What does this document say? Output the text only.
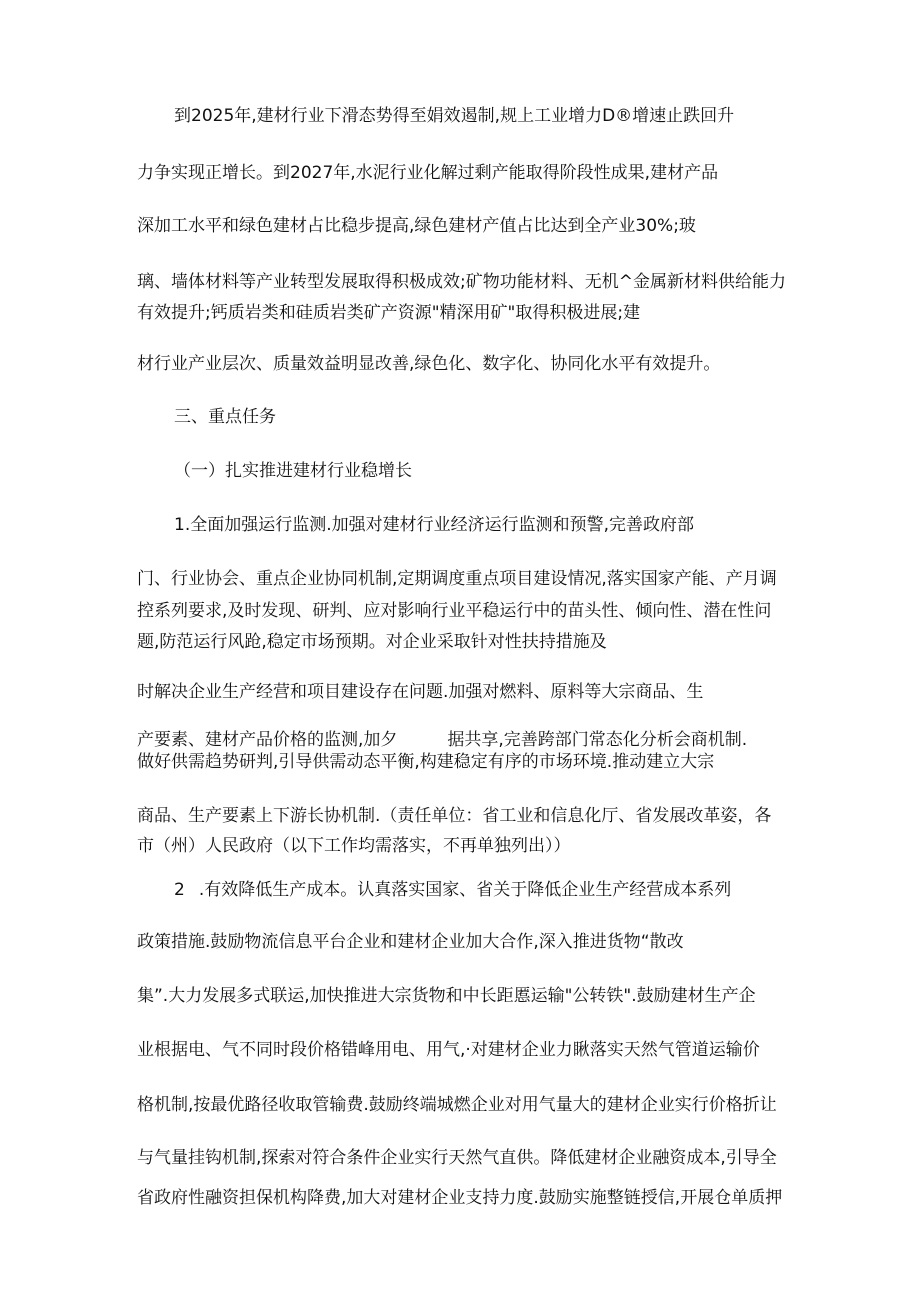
到2025年,建材行业下滑态势得至娟效遏制,规上工业增力D®增速止跌回升
力争实现正增长。到2027年,水泥行业化解过剩产能取得阶段性成果,建材产品
深加工水平和绿色建材占比稳步提高,绿色建材产值占比达到全产业30%;玻
璃、墙体材料等产业转型发展取得积极成效;矿物功能材料、无机^金属新材料供给能力
有效提升;钙质岩类和硅质岩类矿产资源"精深用矿"取得积极进展;建
材行业产业层次、质量效益明显改善,绿色化、数字化、协同化水平有效提升。
三、重点任务
（一）扎实推进建材行业稳增长
1.全面加强运行监测.加强对建材行业经济运行监测和预警,完善政府部
门、行业协会、重点企业协同机制,定期调度重点项目建设情况,落实国家产能、产月调
控系列要求,及时发现、研判、应对影响行业平稳运行中的苗头性、倾向性、潜在性问
题,防范运行风跄,稳定市场预期。对企业采取针对性扶持措施及
时解决企业生产经营和项目建设存在问题.加强对燃料、原料等大宗商品、生
产要素、建材产品价格的监测,加夕	据共享,完善跨部门常态化分析会商机制.
做好供需趋势研判,引导供需动态平衡,构建稳定有序的市场环境.推动建立大宗
商品、生产要素上下游长协机制.（责任单位：省工业和信息化厅、省发展改革姿，各
市（州）人民政府（以下工作均需落实，不再单独列出））
2 .有效降低生产成本。认真落实国家、省关于降低企业生产经营成本系列
政策措施.鼓励物流信息平台企业和建材企业加大合作,深入推进货物“散改
集”.大力发展多式联运,加快推进大宗货物和中长距慝运输"公转铁".鼓励建材生产企
业根据电、气不同时段价格错峰用电、用气,·对建材企业力瞅落实天然气管道运输价
格机制,按最优路径收取管输费.鼓励终端城燃企业对用气量大的建材企业实行价格折让
与气量挂钩机制,探索对符合条件企业实行天然气直供。降低建材企业融资成本,引导全
省政府性融资担保机构降费,加大对建材企业支持力度.鼓励实施整链授信,开展仓单质押
